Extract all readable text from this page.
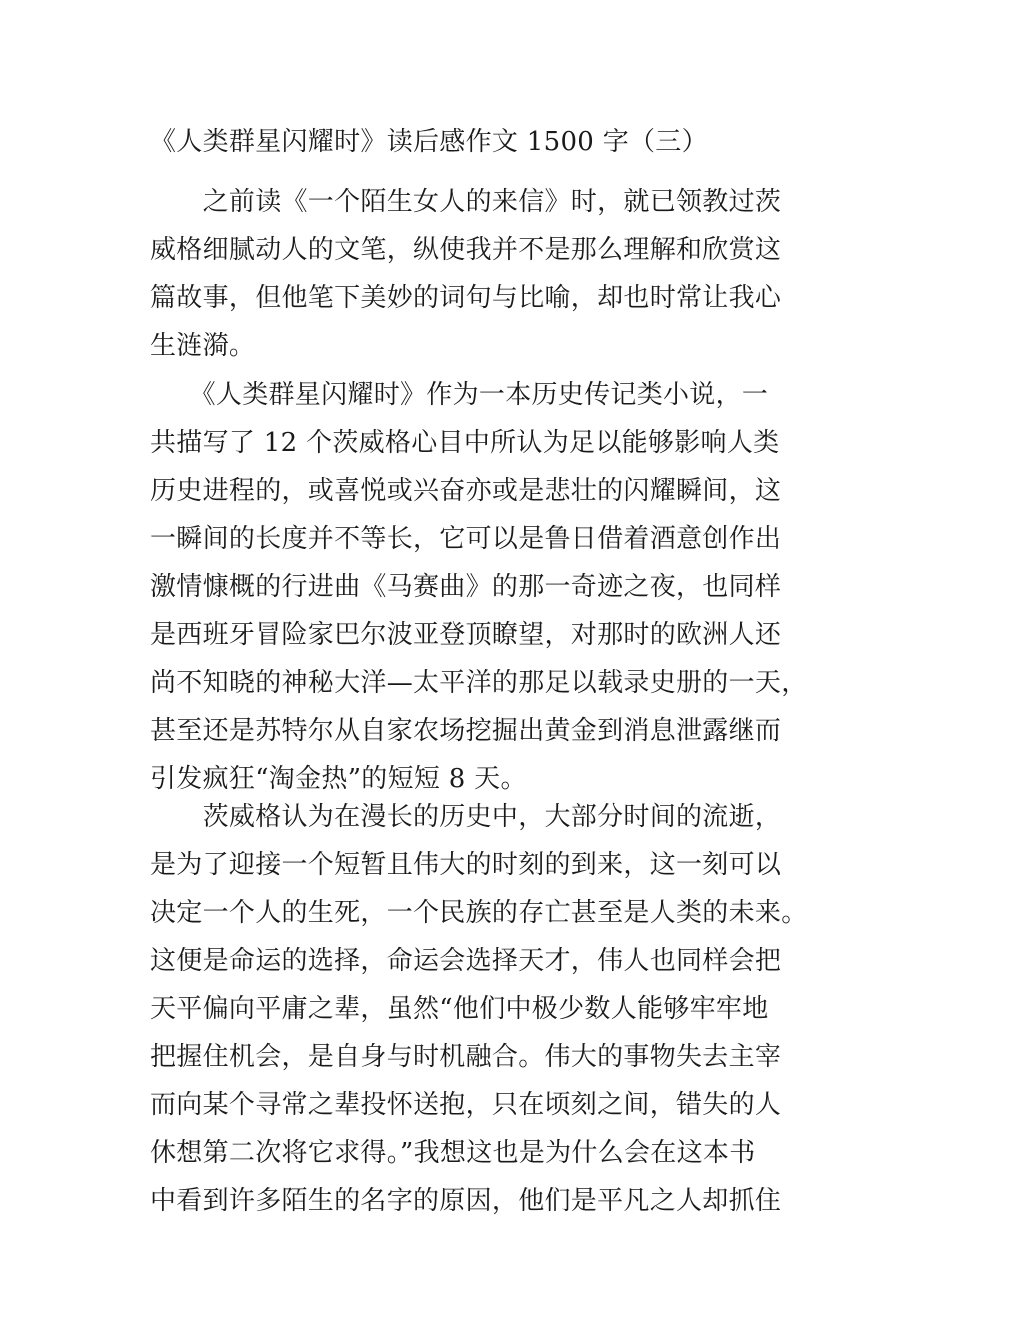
《人类群星闪耀时》读后感作文 1500 字（三）
　　之前读《一个陌生女人的来信》时，就已领教过茨
威格细腻动人的文笔，纵使我并不是那么理解和欣赏这
篇故事，但他笔下美妙的词句与比喻，却也时常让我心
生涟漪。
　　《人类群星闪耀时》作为一本历史传记类小说，一
共描写了 12 个茨威格心目中所认为足以能够影响人类
历史进程的，或喜悦或兴奋亦或是悲壮的闪耀瞬间，这
一瞬间的长度并不等长，它可以是鲁日借着酒意创作出
激情慷概的行进曲《马赛曲》的那一奇迹之夜，也同样
是西班牙冒险家巴尔波亚登顶瞭望，对那时的欧洲人还
尚不知晓的神秘大洋—太平洋的那足以载录史册的一天，
甚至还是苏特尔从自家农场挖掘出黄金到消息泄露继而
引发疯狂“淘金热”的短短 8 天。
　　茨威格认为在漫长的历史中，大部分时间的流逝，
是为了迎接一个短暂且伟大的时刻的到来，这一刻可以
决定一个人的生死，一个民族的存亡甚至是人类的未来。
这便是命运的选择，命运会选择天才，伟人也同样会把
天平偏向平庸之辈，虽然“他们中极少数人能够牢牢地
把握住机会，是自身与时机融合。伟大的事物失去主宰
而向某个寻常之辈投怀送抱，只在顷刻之间，错失的人
休想第二次将它求得。”我想这也是为什么会在这本书
中看到许多陌生的名字的原因，他们是平凡之人却抓住
